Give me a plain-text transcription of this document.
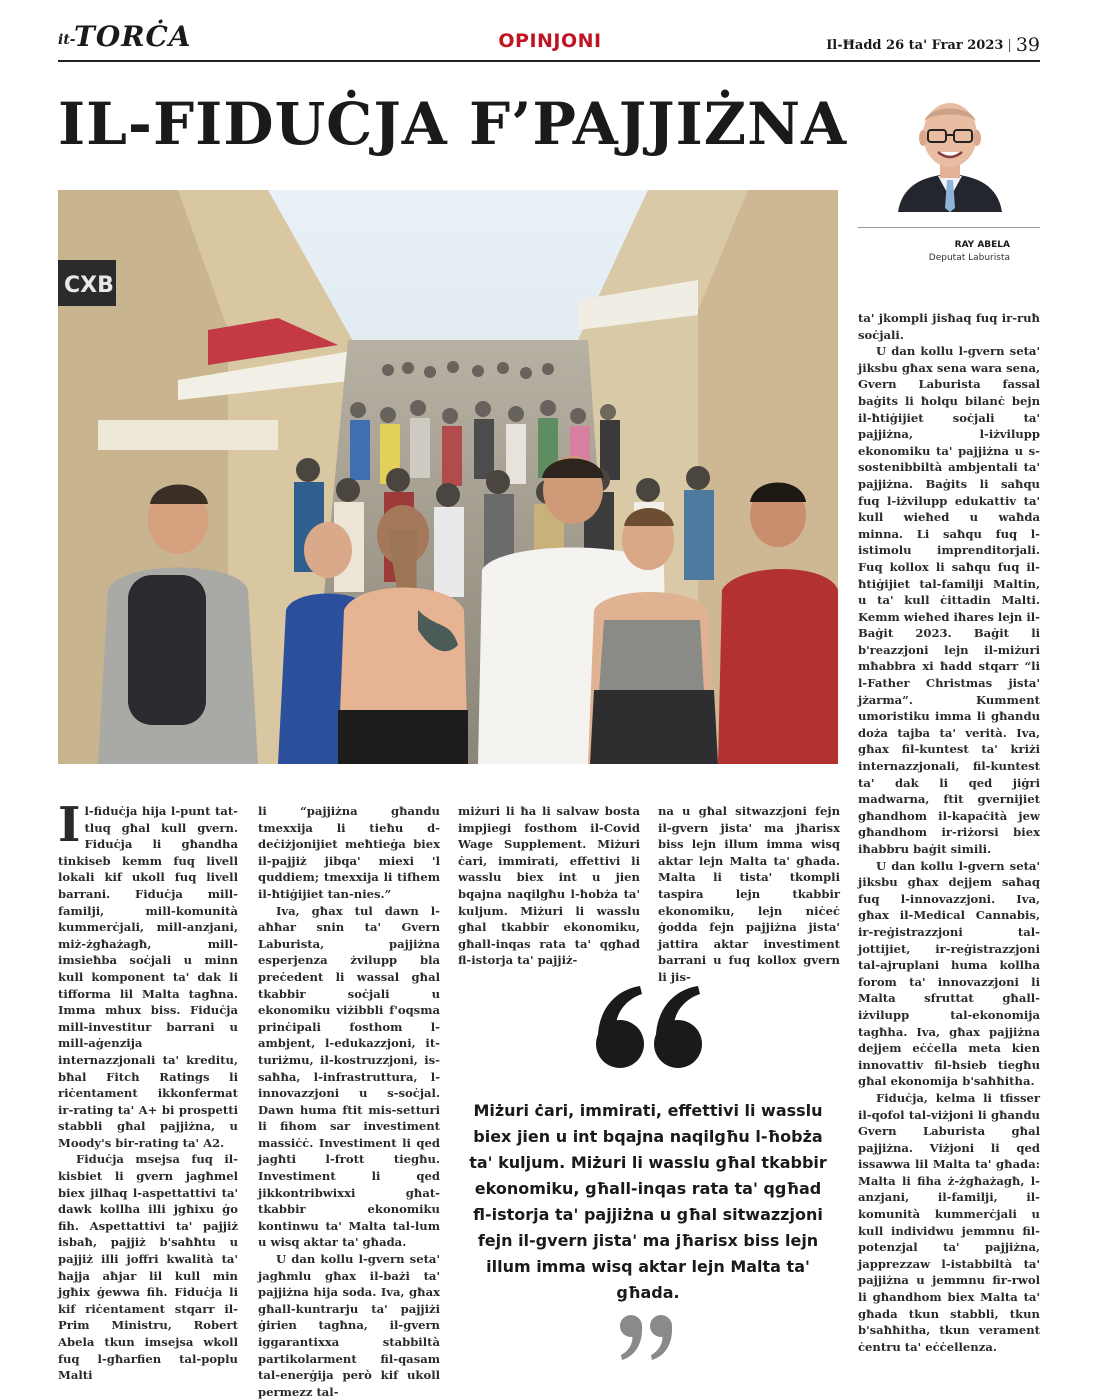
it-
TORĊA	OPINJONI	Il-Ħadd 26 ta' Frar 2023 | 39
IL-FIDUĊJA F’PAJJIŻNA
RAY ABELA
Deputat Laburista
CXB

Il-fiduċja hija l-punt tat-tluq għal kull gvern. Fiduċja li għandha tinkiseb kemm fuq livell lokali kif ukoll fuq livell barrani. Fiduċja mill-familji, mill-komunità kummerċjali, mill-anzjani, miż-żgħażagħ, mill-imsieħba soċjali u minn kull komponent ta' dak li tifforma lil Malta tagħna. Imma mhux biss. Fiduċja mill-investitur barrani u mill-aġenzija internazzjonali ta' kreditu, bħal Fitch Ratings li riċentament ikkonfermat ir-rating ta' A+ bi prospetti stabbli għal pajjiżna, u Moody's bir-rating ta' A2.

Fiduċja msejsa fuq il-kisbiet li gvern jagħmel biex jilħaq l-aspettattivi ta' dawk kollha illi jgħixu ġo fih. Aspettattivi ta' pajjiż isbaħ, pajjiż b'saħħtu u pajjiż illi joffri kwalità ta' ħajja aħjar lil kull min jgħix ġewwa fih. Fiduċja li kif riċentament stqarr il-Prim Ministru, Robert Abela tkun imsejsa wkoll fuq l-għarfien tal-poplu Malti

li “pajjiżna għandu tmexxija li tieħu d-deċiżjonijiet meħtieġa biex il-pajjiż jibqa' miexi 'l quddiem; tmexxija li tifhem il-ħtiġijiet tan-nies.”

Iva, għax tul dawn l-aħħar snin ta' Gvern Laburista, pajjiżna esperjenza żvilupp bla preċedent li wassal għal tkabbir soċjali u ekonomiku viżibbli f'oqsma prinċipali fosthom l-ambjent, l-edukazzjoni, it-turiżmu, il-kostruzzjoni, is-saħħa, l-infrastruttura, l-innovazzjoni u s-soċjal. Dawn huma ftit mis-setturi li fihom sar investiment massiċċ. Investiment li qed jagħti l-frott tiegħu. Investiment li qed jikkontribwixxi għat-tkabbir ekonomiku kontinwu ta' Malta tal-lum u wisq aktar ta' għada.

U dan kollu l-gvern seta' jagħmlu għax il-bażi ta' pajjiżna hija soda. Iva, għax għall-kuntrarju ta' pajjiżi ġirien tagħna, il-gvern iggarantixxa stabbiltà partikolarment fil-qasam tal-enerġija però kif ukoll permezz tal-

miżuri li ħa li salvaw bosta impjiegi fosthom il-Covid Wage Supplement. Miżuri ċari, immirati, effettivi li wasslu biex int u jien bqajna naqilgħu l-ħobża ta' kuljum. Miżuri li wasslu għal tkabbir ekonomiku, għall-inqas rata ta' qgħad fl-istorja ta' pajjiż-

na u għal sitwazzjoni fejn il-gvern jista' ma jħarisx biss lejn illum imma wisq aktar lejn Malta ta' għada. Malta li tista' tkompli taspira lejn tkabbir ekonomiku, lejn niċeċ ġodda fejn pajjiżna jista' jattira aktar investiment barrani u fuq kollox gvern li jis-

ta' jkompli jisħaq fuq ir-ruħ soċjali.

U dan kollu l-gvern seta' jiksbu għax sena wara sena, Gvern Laburista fassal baġits li ħolqu bilanċ bejn il-ħtiġijiet soċjali ta' pajjiżna, l-iżvilupp ekonomiku ta' pajjiżna u s-sostenibbiltà ambjentali ta' pajjiżna. Baġits li saħqu fuq l-iżvilupp edukattiv ta' kull wieħed u waħda minna. Li saħqu fuq l-istimolu imprenditorjali. Fuq kollox li saħqu fuq il-ħtiġijiet tal-familji Maltin, u ta' kull ċittadin Malti. Kemm wieħed iħares lejn il-Baġit 2023. Baġit li b'reazzjoni lejn il-miżuri mħabbra xi ħadd stqarr “li l-Father Christmas jista' jżarma”. Kumment umoristiku imma li għandu doża tajba ta' verità. Iva, għax fil-kuntest ta' kriżi internazzjonali, fil-kuntest ta' dak li qed jiġri madwarna, ftit gvernijiet għandhom il-kapaċità jew għandhom ir-riżorsi biex iħabbru baġit simili.

U dan kollu l-gvern seta' jiksbu għax dejjem saħaq fuq l-innovazzjoni. Iva, għax il-Medical Cannabis, ir-reġistrazzjoni tal-jottijiet, ir-reġistrazzjoni tal-ajruplani huma kollha forom ta' innovazzjoni li Malta sfruttat għall-iżvilupp tal-ekonomija tagħha. Iva, għax pajjiżna dejjem eċċella meta kien innovattiv fil-ħsieb tiegħu għal ekonomija b'saħħitha.

Fiduċja, kelma li tfisser il-qofol tal-viżjoni li għandu Gvern Laburista għal pajjiżna. Viżjoni li qed issawwa lil Malta ta' għada: Malta li fiha ż-żgħażagħ, l-anzjani, il-familji, il-komunità kummerċjali u kull individwu jemmnu fil-potenzjal ta' pajjiżna, japprezzaw l-istabbiltà ta' pajjiżna u jemmnu fir-rwol li għandhom biex Malta ta' għada tkun stabbli, tkun b'saħħitha, tkun verament ċentru ta' eċċellenza.

Miżuri ċari, immirati, effettivi li wasslu biex jien u int bqajna naqilgħu l-ħobża ta' kuljum. Miżuri li wasslu għal tkabbir ekonomiku, għall-inqas rata ta' qgħad fl-istorja ta' pajjiżna u għal sitwazzjoni fejn il-gvern jista' ma jħarisx biss lejn illum imma wisq aktar lejn Malta ta' għada.
